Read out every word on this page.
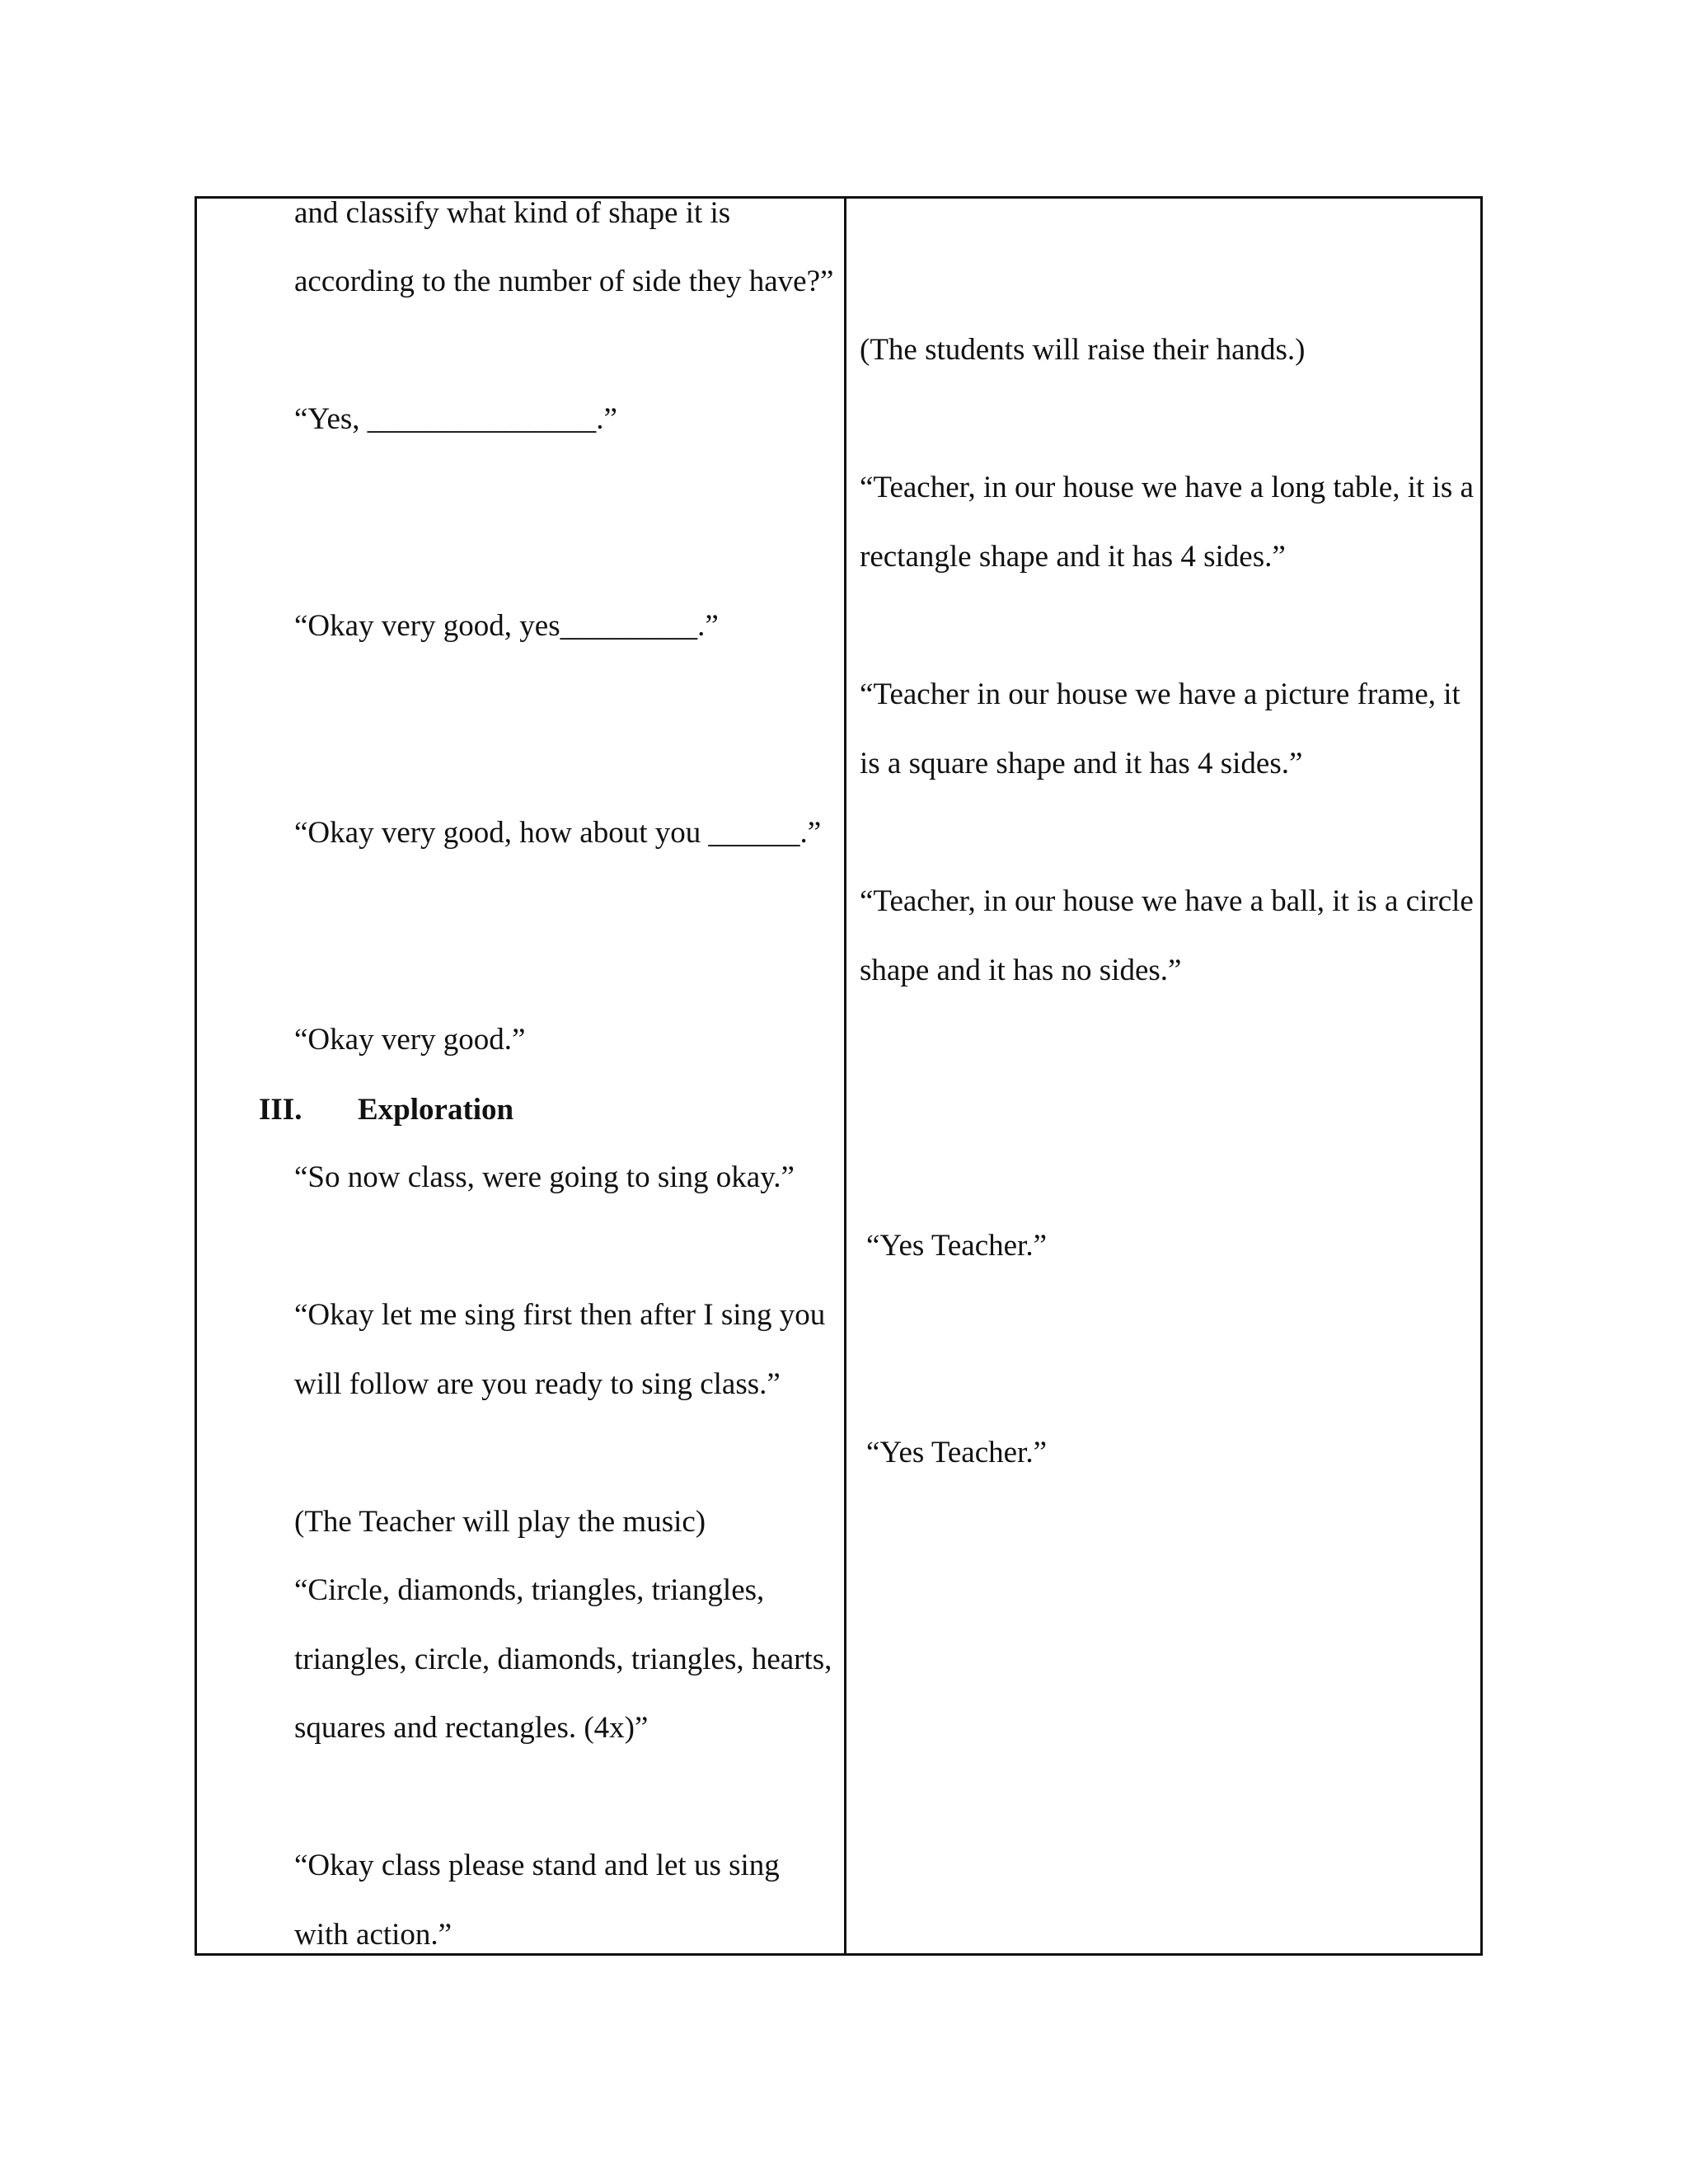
and classify what kind of shape it is
according to the number of side they have?”
“Yes, _______________.”
“Okay very good, yes_________.”
“Okay very good, how about you ______.”
“Okay very good.”
III. Exploration
“So now class, were going to sing okay.”
“Okay let me sing first then after I sing you
will follow are you ready to sing class.”
(The Teacher will play the music)
“Circle, diamonds, triangles, triangles,
triangles, circle, diamonds, triangles, hearts,
squares and rectangles. (4x)”
“Okay class please stand and let us sing
with action.”
(The students will raise their hands.)
“Teacher, in our house we have a long table, it is a
rectangle shape and it has 4 sides.”
“Teacher in our house we have a picture frame, it
is a square shape and it has 4 sides.”
“Teacher, in our house we have a ball, it is a circle
shape and it has no sides.”
“Yes Teacher.”
“Yes Teacher.”
